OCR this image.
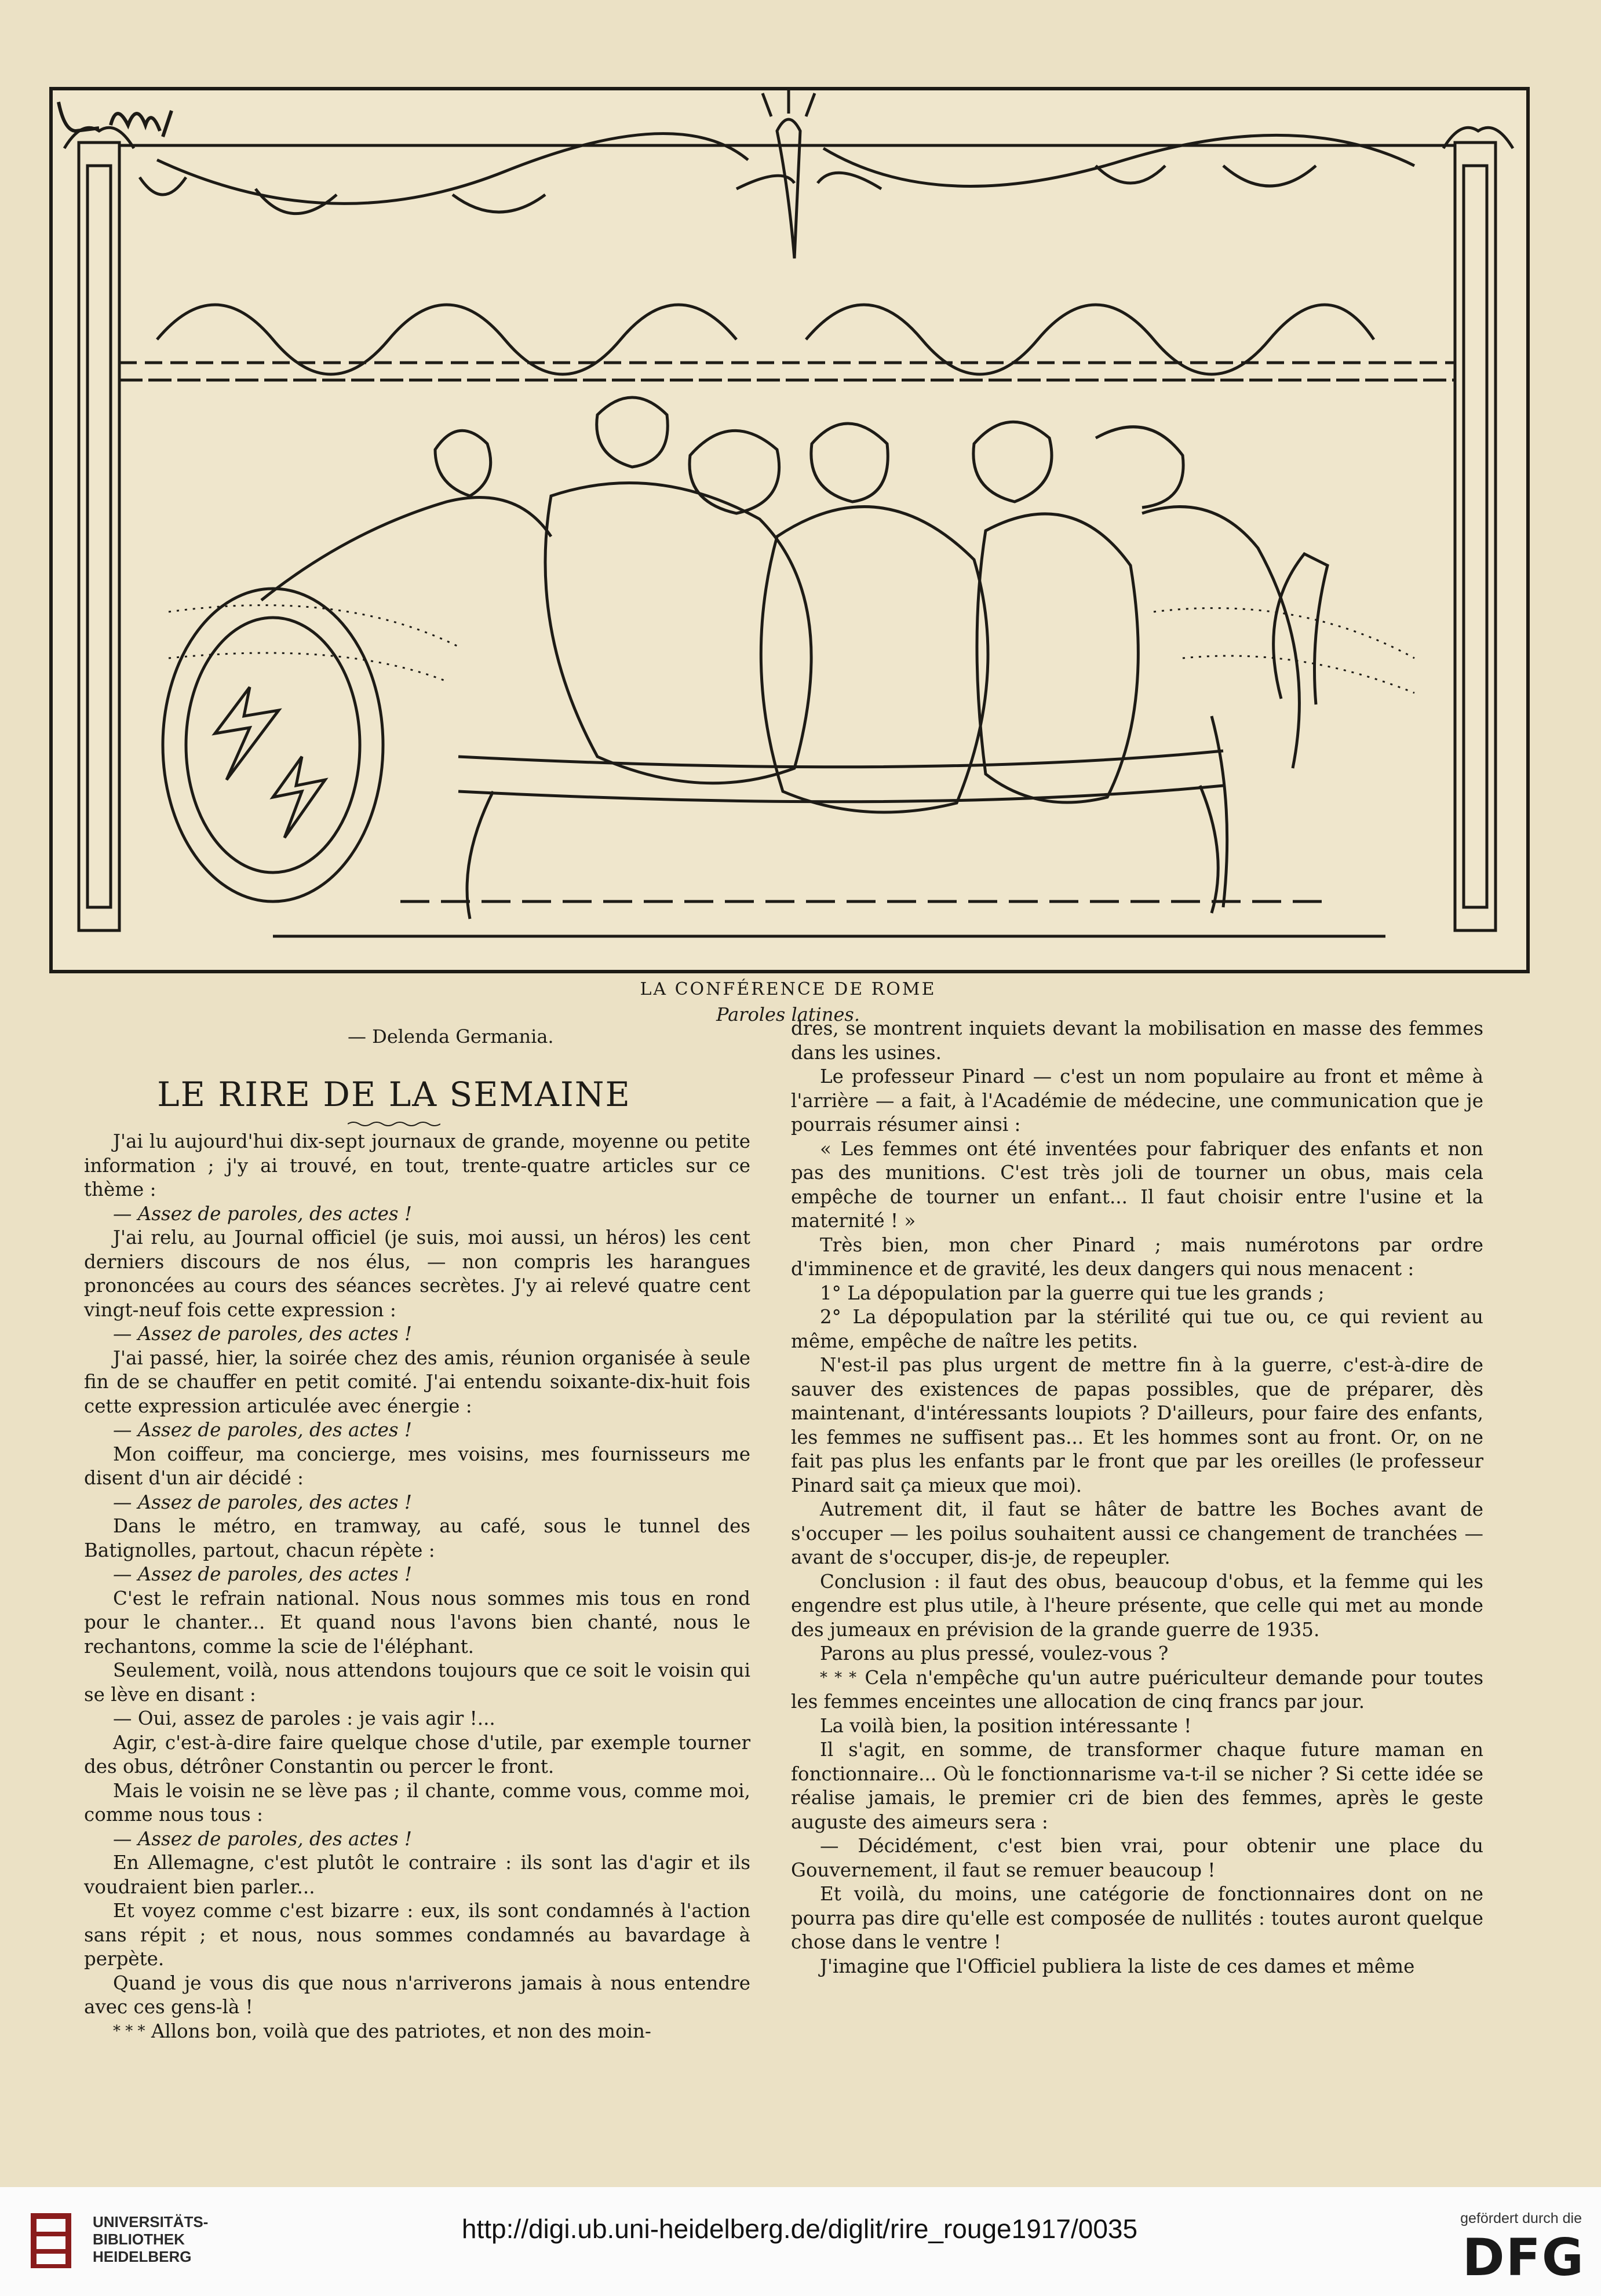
LA CONFÉRENCE DE ROME
Paroles latines.
— Delenda Germania.
LE RIRE DE LA SEMAINE

J'ai lu aujourd'hui dix-sept journaux de grande, moyenne ou petite information ; j'y ai trouvé, en tout, trente-quatre articles sur ce thème :

— Assez de paroles, des actes !

J'ai relu, au Journal officiel (je suis, moi aussi, un héros) les cent derniers discours de nos élus, — non compris les harangues prononcées au cours des séances secrètes. J'y ai relevé quatre cent vingt-neuf fois cette expression :

— Assez de paroles, des actes !

J'ai passé, hier, la soirée chez des amis, réunion organisée à seule fin de se chauffer en petit comité. J'ai entendu soixante-dix-huit fois cette expression articulée avec énergie :

— Assez de paroles, des actes !

Mon coiffeur, ma concierge, mes voisins, mes fournisseurs me disent d'un air décidé :

— Assez de paroles, des actes !

Dans le métro, en tramway, au café, sous le tunnel des Batignolles, partout, chacun répète :

— Assez de paroles, des actes !

C'est le refrain national. Nous nous sommes mis tous en rond pour le chanter... Et quand nous l'avons bien chanté, nous le rechantons, comme la scie de l'éléphant.

Seulement, voilà, nous attendons toujours que ce soit le voisin qui se lève en disant :

— Oui, assez de paroles : je vais agir !...

Agir, c'est-à-dire faire quelque chose d'utile, par exemple tourner des obus, détrôner Constantin ou percer le front.

Mais le voisin ne se lève pas ; il chante, comme vous, comme moi, comme nous tous :

— Assez de paroles, des actes !

En Allemagne, c'est plutôt le contraire : ils sont las d'agir et ils voudraient bien parler...

Et voyez comme c'est bizarre : eux, ils sont condamnés à l'action sans répit ; et nous, nous sommes condamnés au bavardage à perpète.

Quand je vous dis que nous n'arriverons jamais à nous entendre avec ces gens-là !

* * * Allons bon, voilà que des patriotes, et non des moin-

dres, se montrent inquiets devant la mobilisation en masse des femmes dans les usines.

Le professeur Pinard — c'est un nom populaire au front et même à l'arrière — a fait, à l'Académie de médecine, une communication que je pourrais résumer ainsi :

« Les femmes ont été inventées pour fabriquer des enfants et non pas des munitions. C'est très joli de tourner un obus, mais cela empêche de tourner un enfant... Il faut choisir entre l'usine et la maternité ! »

Très bien, mon cher Pinard ; mais numérotons par ordre d'imminence et de gravité, les deux dangers qui nous menacent :

1° La dépopulation par la guerre qui tue les grands ;

2° La dépopulation par la stérilité qui tue ou, ce qui revient au même, empêche de naître les petits.

N'est-il pas plus urgent de mettre fin à la guerre, c'est-à-dire de sauver des existences de papas possibles, que de préparer, dès maintenant, d'intéressants loupiots ? D'ailleurs, pour faire des enfants, les femmes ne suffisent pas... Et les hommes sont au front. Or, on ne fait pas plus les enfants par le front que par les oreilles (le professeur Pinard sait ça mieux que moi).

Autrement dit, il faut se hâter de battre les Boches avant de s'occuper — les poilus souhaitent aussi ce changement de tranchées — avant de s'occuper, dis-je, de repeupler.

Conclusion : il faut des obus, beaucoup d'obus, et la femme qui les engendre est plus utile, à l'heure présente, que celle qui met au monde des jumeaux en prévision de la grande guerre de 1935.

Parons au plus pressé, voulez-vous ?

* * * Cela n'empêche qu'un autre puériculteur demande pour toutes les femmes enceintes une allocation de cinq francs par jour.

La voilà bien, la position intéressante !

Il s'agit, en somme, de transformer chaque future maman en fonctionnaire... Où le fonctionnarisme va-t-il se nicher ? Si cette idée se réalise jamais, le premier cri de bien des femmes, après le geste auguste des aimeurs sera :

— Décidément, c'est bien vrai, pour obtenir une place du Gouvernement, il faut se remuer beaucoup !

Et voilà, du moins, une catégorie de fonctionnaires dont on ne pourra pas dire qu'elle est composée de nullités : toutes auront quelque chose dans le ventre !

J'imagine que l'Officiel publiera la liste de ces dames et même

UNIVERSITÄTS-
BIBLIOTHEK
HEIDELBERG
http://digi.ub.uni-heidelberg.de/diglit/rire_rouge1917/0035	gefördert durch die
DFG
